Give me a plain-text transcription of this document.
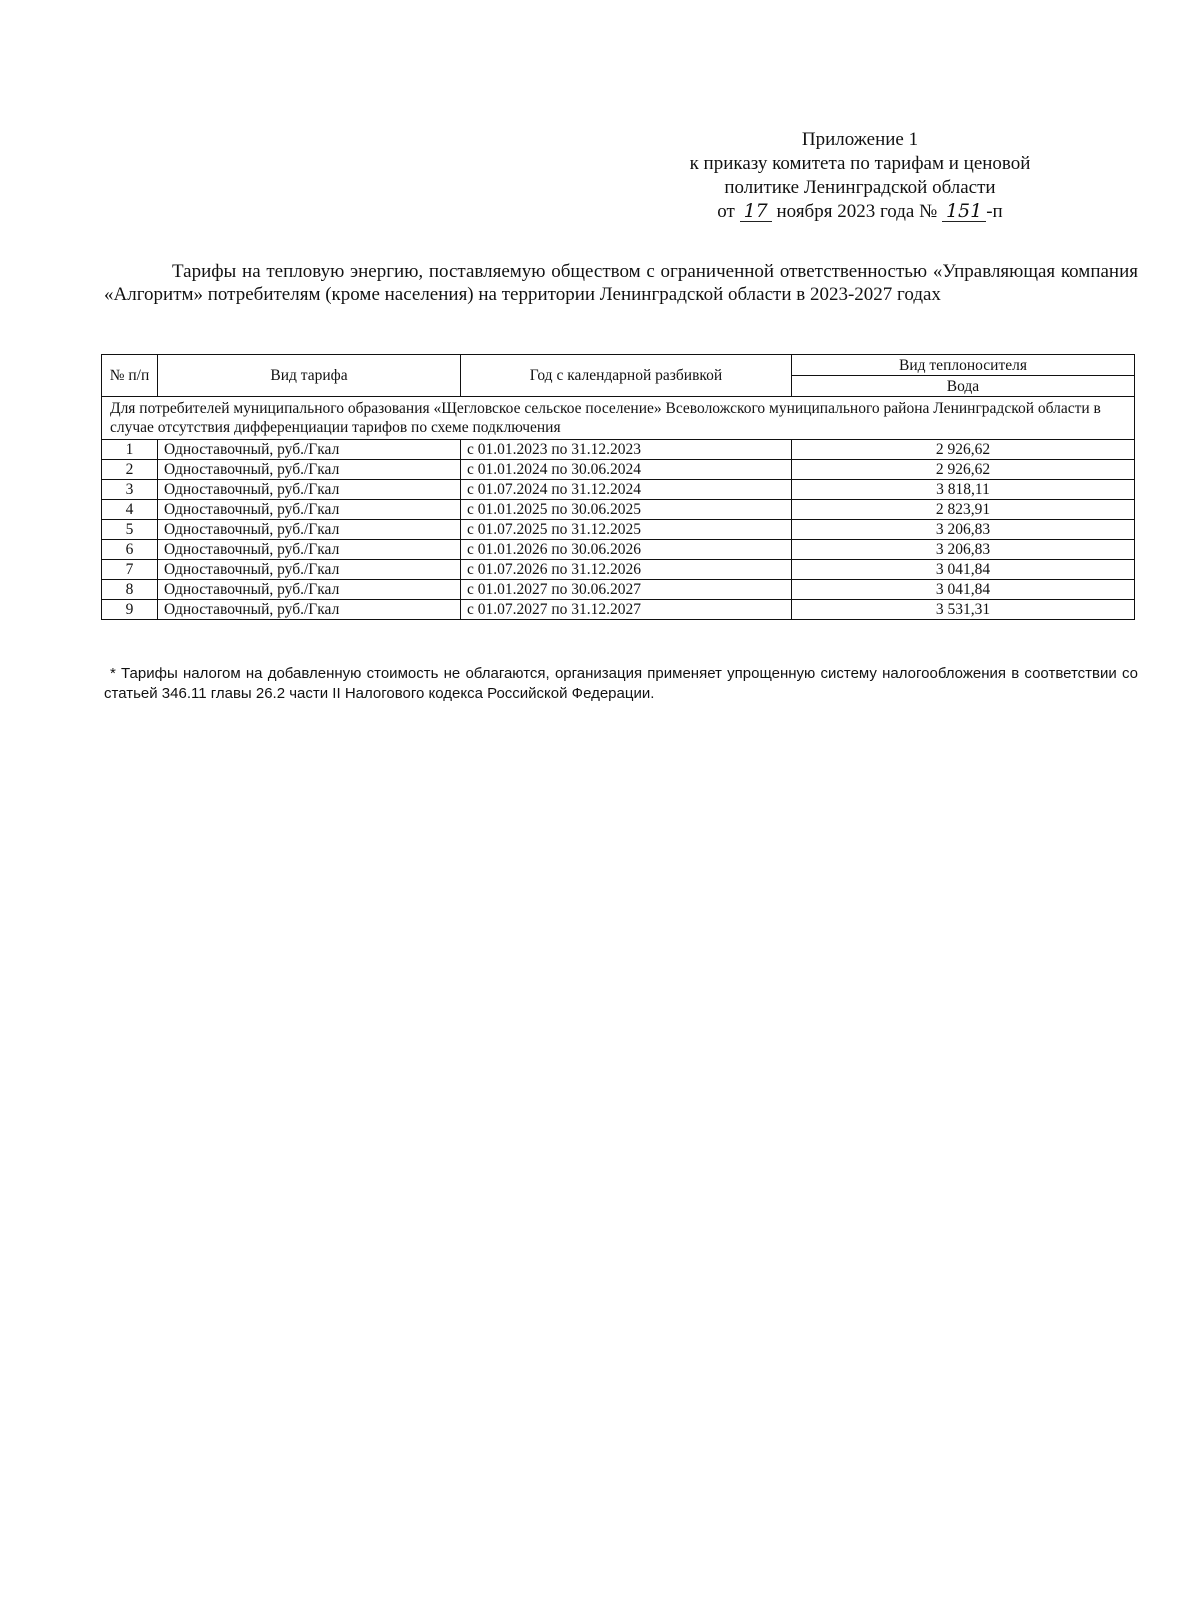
Приложение 1
к приказу комитета по тарифам и ценовой
политике Ленинградской области
от 17 ноября 2023 года № 151 -п
Тарифы на тепловую энергию, поставляемую обществом с ограниченной ответственностью «Управляющая компания «Алгоритм» потребителям (кроме населения) на территории Ленинградской области в 2023-2027 годах
№ п/п	Вид тарифа	Год с календарной разбивкой	Вид теплоносителя
			Вода
Для потребителей муниципального образования «Щегловское сельское поселение» Всеволожского муниципального района Ленинградской области в случае отсутствия дифференциации тарифов по схеме подключения			
1	Одноставочный, руб./Гкал	с 01.01.2023 по 31.12.2023	2 926,62
2	Одноставочный, руб./Гкал	с 01.01.2024 по 30.06.2024	2 926,62
3	Одноставочный, руб./Гкал	с 01.07.2024 по 31.12.2024	3 818,11
4	Одноставочный, руб./Гкал	с 01.01.2025 по 30.06.2025	2 823,91
5	Одноставочный, руб./Гкал	с 01.07.2025 по 31.12.2025	3 206,83
6	Одноставочный, руб./Гкал	с 01.01.2026 по 30.06.2026	3 206,83
7	Одноставочный, руб./Гкал	с 01.07.2026 по 31.12.2026	3 041,84
8	Одноставочный, руб./Гкал	с 01.01.2027 по 30.06.2027	3 041,84
9	Одноставочный, руб./Гкал	с 01.07.2027 по 31.12.2027	3 531,31
* Тарифы налогом на добавленную стоимость не облагаются, организация применяет упрощенную систему налогообложения в соответствии со статьей 346.11 главы 26.2 части II Налогового кодекса Российской Федерации.
